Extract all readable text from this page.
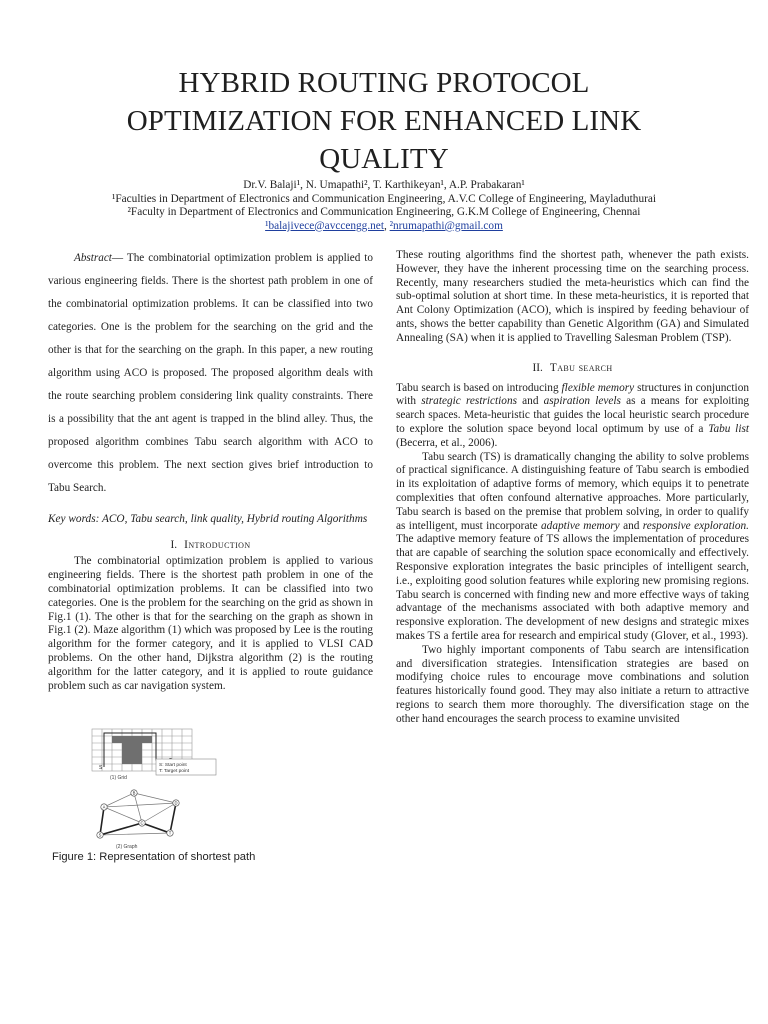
HYBRID ROUTING PROTOCOL
OPTIMIZATION FOR ENHANCED LINK
QUALITY
Dr.V. Balaji¹, N. Umapathi², T. Karthikeyan¹, A.P. Prabakaran¹
¹Faculties in Department of Electronics and Communication Engineering, A.V.C College of Engineering, Mayladuthurai
²Faculty in Department of Electronics and Communication Engineering, G.K.M College of Engineering, Chennai
¹balajivece@avccengg.net, ²nrumapathi@gmail.com

Abstract— The combinatorial optimization problem is applied to various engineering fields. There is the shortest path problem in one of the combinatorial optimization problems. It can be classified into two categories. One is the problem for the searching on the grid and the other is that for the searching on the graph. In this paper, a new routing algorithm using ACO is proposed. The proposed algorithm deals with the route searching problem considering link quality constraints. There is a possibility that the ant agent is trapped in the blind alley. Thus, the proposed algorithm combines Tabu search algorithm with ACO to overcome this problem. The next section gives brief introduction to Tabu Search.

Key words: ACO, Tabu search, link quality, Hybrid routing Algorithms

I. Introduction

The combinatorial optimization problem is applied to various engineering fields. There is the shortest path problem in one of the combinatorial optimization problems. It can be classified into two categories. One is the problem for the searching on the grid as shown in Fig.1 (1). The other is that for the searching on the graph as shown in Fig.1 (2). Maze algorithm (1) which was proposed by Lee is the routing algorithm for the former category, and it is applied to VLSI CAD problems. On the other hand, Dijkstra algorithm (2) is the routing algorithm for the latter category, and it is applied to route guidance problem such as car navigation system.

S
(1) Grid
S: Start point
T: Target point
A
B
D
C
T
S
(2) Graph

Figure 1: Representation of shortest path

These routing algorithms find the shortest path, whenever the path exists. However, they have the inherent processing time on the searching process. Recently, many researchers studied the meta-heuristics which can find the sub-optimal solution at short time. In these meta-heuristics, it is reported that Ant Colony Optimization (ACO), which is inspired by feeding behaviour of ants, shows the better capability than Genetic Algorithm (GA) and Simulated Annealing (SA) when it is applied to Travelling Salesman Problem (TSP).

II. Tabu search

Tabu search is based on introducing flexible memory structures in conjunction with strategic restrictions and aspiration levels as a means for exploiting search spaces. Meta-heuristic that guides the local heuristic search procedure to explore the solution space beyond local optimum by use of a Tabu list (Becerra, et al., 2006).

Tabu search (TS) is dramatically changing the ability to solve problems of practical significance. A distinguishing feature of Tabu search is embodied in its exploitation of adaptive forms of memory, which equips it to penetrate complexities that often confound alternative approaches. More particularly, Tabu search is based on the premise that problem solving, in order to qualify as intelligent, must incorporate adaptive memory and responsive exploration. The adaptive memory feature of TS allows the implementation of procedures that are capable of searching the solution space economically and effectively. Responsive exploration integrates the basic principles of intelligent search, i.e., exploiting good solution features while exploring new promising regions. Tabu search is concerned with finding new and more effective ways of taking advantage of the mechanisms associated with both adaptive memory and responsive exploration. The development of new designs and strategic mixes makes TS a fertile area for research and empirical study (Glover, et al., 1993).

Two highly important components of Tabu search are intensification and diversification strategies. Intensification strategies are based on modifying choice rules to encourage move combinations and solution features historically found good. They may also initiate a return to attractive regions to search them more thoroughly. The diversification stage on the other hand encourages the search process to examine unvisited
